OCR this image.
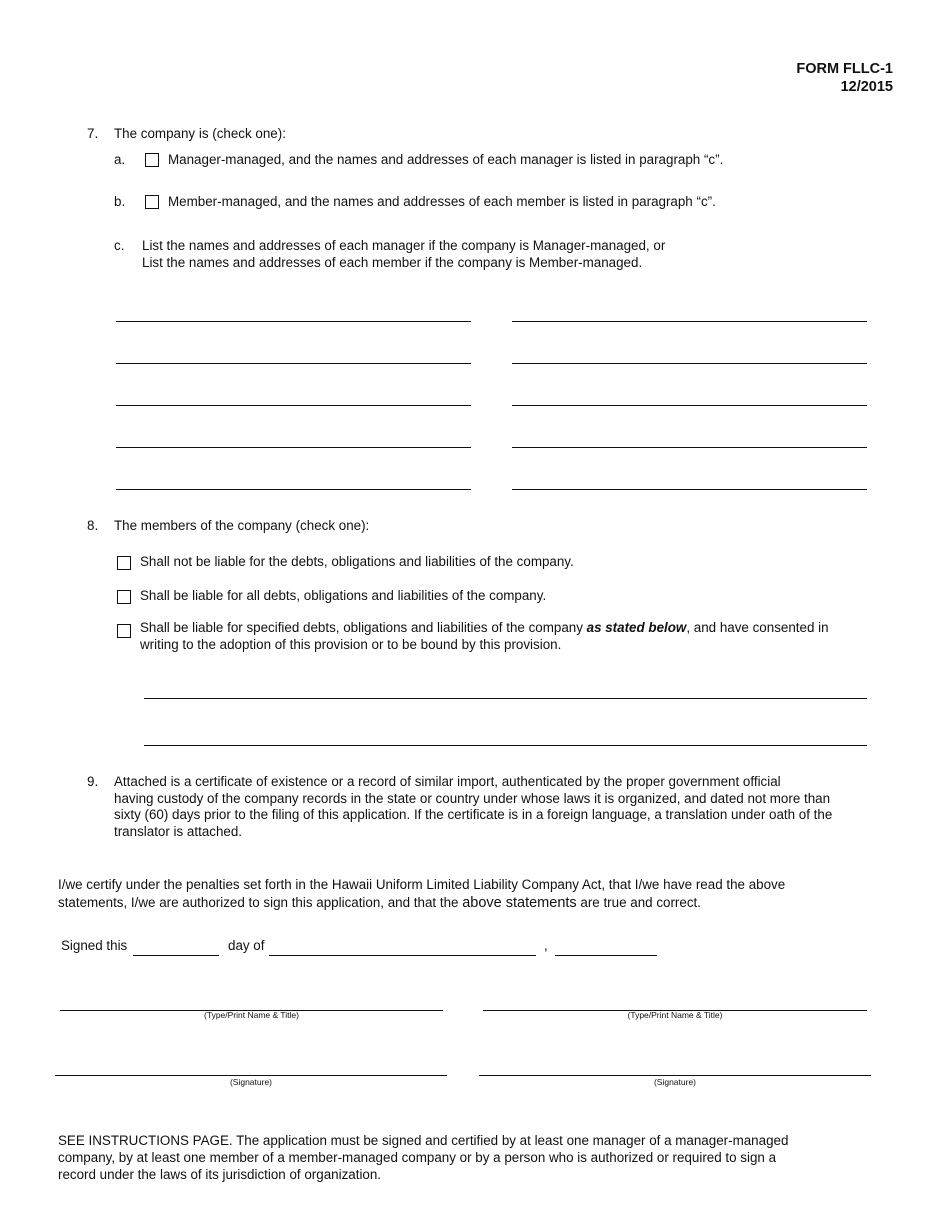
FORM FLLC-1
12/2015
7. The company is (check one):
a.	Manager-managed, and the names and addresses of each manager is listed in paragraph “c”.
b.	Member-managed, and the names and addresses of each member is listed in paragraph “c”.
c. List the names and addresses of each manager if the company is Manager-managed, or
List the names and addresses of each member if the company is Member-managed.
8. The members of the company (check one):
Shall not be liable for the debts, obligations and liabilities of the company.
Shall be liable for all debts, obligations and liabilities of the company.
Shall be liable for specified debts, obligations and liabilities of the company as stated below, and have consented in
writing to the adoption of this provision or to be bound by this provision.
9. Attached is a certificate of existence or a record of similar import, authenticated by the proper government official
having custody of the company records in the state or country under whose laws it is organized, and dated not more than
sixty (60) days prior to the filing of this application. If the certificate is in a foreign language, a translation under oath of the
translator is attached.
I/we certify under the penalties set forth in the Hawaii Uniform Limited Liability Company Act, that I/we have read the above
statements, I/we are authorized to sign this application, and that the above statements are true and correct.
Signed this	day of	,
(Type/Print Name & Title)	(Type/Print Name & Title)
(Signature)	(Signature)
SEE INSTRUCTIONS PAGE. The application must be signed and certified by at least one manager of a manager-managed
company, by at least one member of a member-managed company or by a person who is authorized or required to sign a
record under the laws of its jurisdiction of organization.
